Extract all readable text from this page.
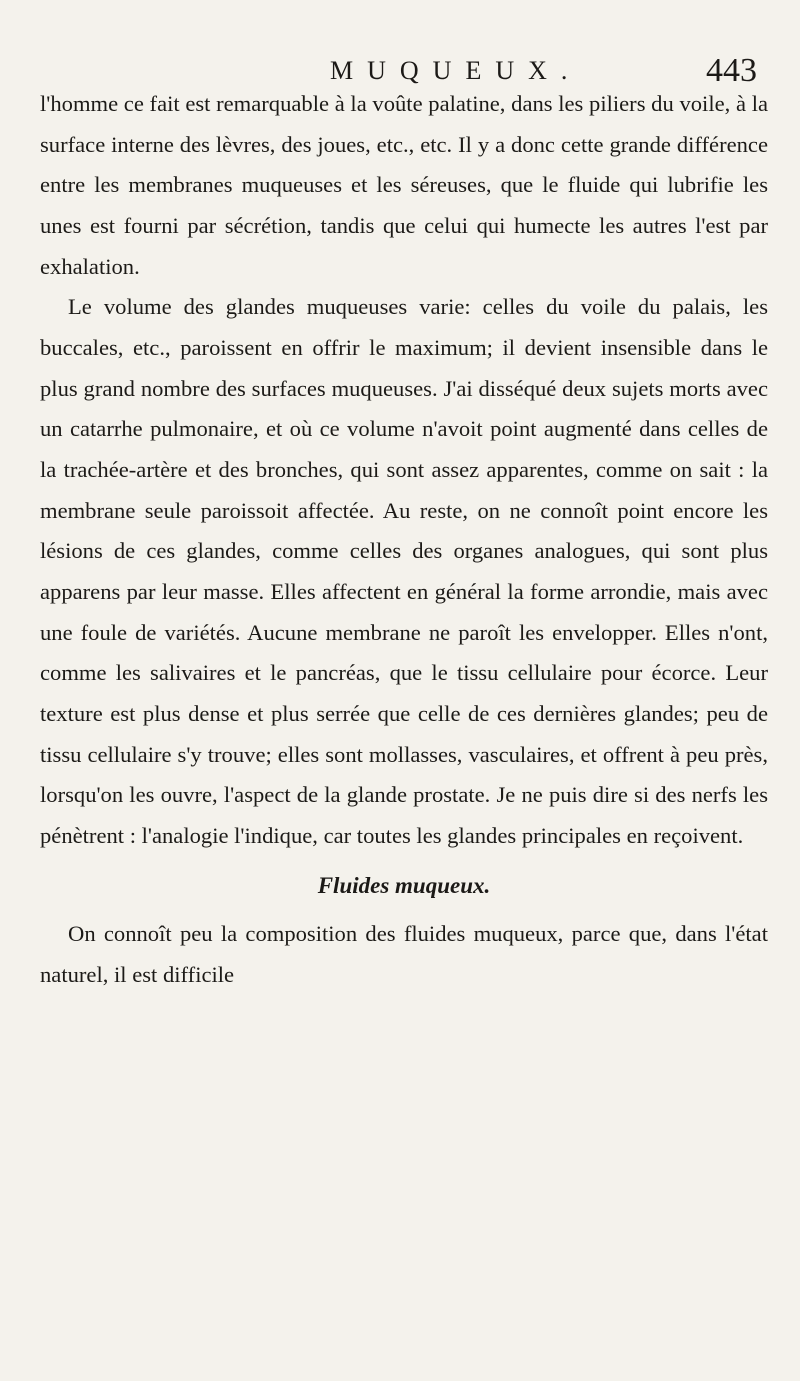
MUQUEUX.	443

l'homme ce fait est remarquable à la voûte palatine, dans les piliers du voile, à la surface interne des lèvres, des joues, etc., etc. Il y a donc cette grande différence entre les membranes muqueuses et les séreuses, que le fluide qui lubrifie les unes est fourni par sécrétion, tandis que celui qui humecte les autres l'est par exhalation.

Le volume des glandes muqueuses varie: celles du voile du palais, les buccales, etc., paroissent en offrir le maximum; il devient insensible dans le plus grand nombre des surfaces muqueuses. J'ai disséqué deux sujets morts avec un catarrhe pulmonaire, et où ce volume n'avoit point augmenté dans celles de la trachée-artère et des bronches, qui sont assez apparentes, comme on sait : la membrane seule paroissoit affectée. Au reste, on ne connoît point encore les lésions de ces glandes, comme celles des organes analogues, qui sont plus apparens par leur masse. Elles affectent en général la forme arrondie, mais avec une foule de variétés. Aucune membrane ne paroît les envelopper. Elles n'ont, comme les salivaires et le pancréas, que le tissu cellulaire pour écorce. Leur texture est plus dense et plus serrée que celle de ces dernières glandes; peu de tissu cellulaire s'y trouve; elles sont mollasses, vasculaires, et offrent à peu près, lorsqu'on les ouvre, l'aspect de la glande prostate. Je ne puis dire si des nerfs les pénètrent : l'analogie l'indique, car toutes les glandes principales en reçoivent.

Fluides muqueux.

On connoît peu la composition des fluides muqueux, parce que, dans l'état naturel, il est difficile
